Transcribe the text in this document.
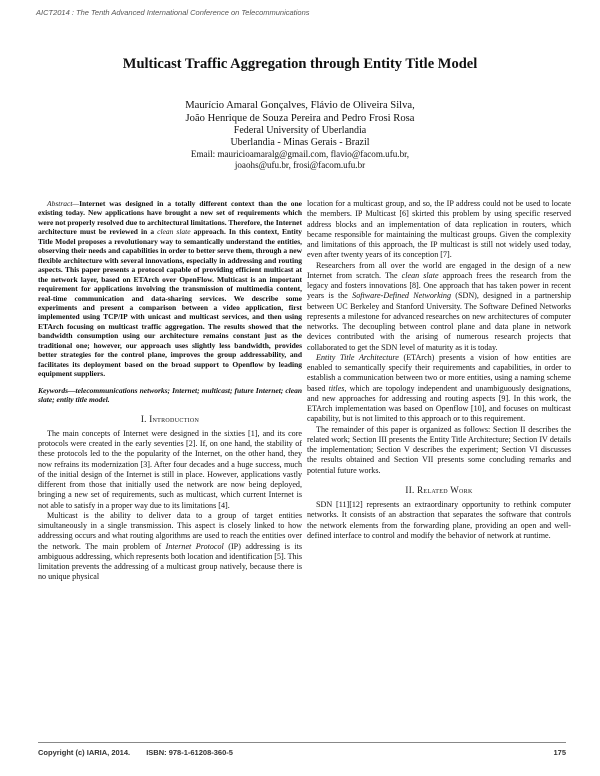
AICT2014 : The Tenth Advanced International Conference on Telecommunications
Multicast Traffic Aggregation through Entity Title Model
Maurício Amaral Gonçalves, Flávio de Oliveira Silva,
João Henrique de Souza Pereira and Pedro Frosi Rosa
Federal University of Uberlandia
Uberlandia - Minas Gerais - Brazil
Email: mauricioamaralg@gmail.com, flavio@facom.ufu.br,
joaohs@ufu.br, frosi@facom.ufu.br

Abstract—Internet was designed in a totally different context than the one existing today. New applications have brought a new set of requirements which were not properly resolved due to architectural limitations. Therefore, the Internet architecture must be reviewed in a clean slate approach. In this context, Entity Title Model proposes a revolutionary way to semantically understand the entities, observing their needs and capabilities in order to better serve them, through a new flexible architecture with several innovations, especially in addressing and routing aspects. This paper presents a protocol capable of providing efficient multicast at the network layer, based on ETArch over OpenFlow. Multicast is an important requirement for applications involving the transmission of multimedia content, real-time communication and data-sharing services. We describe some experiments and present a comparison between a video application, first implemented using TCP/IP with unicast and multicast services, and then using ETArch focusing on multicast traffic aggregation. The results showed that the bandwidth consumption using our architecture remains constant just as the traditional one; however, our approach uses slightly less bandwidth, provides better strategies for the control plane, improves the group addressability, and facilitates its deployment based on the broad support to Openflow by leading equipment suppliers.

Keywords—telecommunications networks; Internet; multicast; future Internet; clean slate; entity title model.
I. Introduction

The main concepts of Internet were designed in the sixties [1], and its core protocols were created in the early seventies [2]. If, on one hand, the stability of these protocols led to the the popularity of the Internet, on the other hand, they now refrains its modernization [3]. After four decades and a huge success, much of the initial design of the Internet is still in place. However, applications vastly different from those that initially used the network are now being deployed, bringing a new set of requirements, such as multicast, which current Internet is not able to satisfy in a proper way due to its limitations [4].

Multicast is the ability to deliver data to a group of target entities simultaneously in a single transmission. This aspect is closely linked to how addressing occurs and what routing algorithms are used to reach the entities over the network. The main problem of Internet Protocol (IP) addressing is its ambiguous addressing, which represents both location and identification [5]. This limitation prevents the addressing of a multicast group natively, because there is no unique physical

location for a multicast group, and so, the IP address could not be used to locate the members. IP Multicast [6] skirted this problem by using specific reserved address blocks and an implementation of data replication in routers, which became responsible for maintaining the multicast groups. Given the complexity and limitations of this approach, the IP multicast is still not widely used today, even after twenty years of its conception [7].

Researchers from all over the world are engaged in the design of a new Internet from scratch. The clean slate approach frees the research from the legacy and fosters innovations [8]. One approach that has taken power in recent years is the Software-Defined Networking (SDN), designed in a partnership between UC Berkeley and Stanford University. The Software Defined Networks represents a milestone for advanced researches on new architectures of computer networks. The decoupling between control plane and data plane in network devices contributed with the arising of numerous research projects that collaborated to get the SDN level of maturity as it is today.

Entity Title Architecture (ETArch) presents a vision of how entities are enabled to semantically specify their requirements and capabilities, in order to establish a communication between two or more entities, using a naming scheme based titles, which are topology independent and unambiguously designations, and new approaches for addressing and routing aspects [9]. In this work, the ETArch implementation was based on Openflow [10], and focuses on multicast capability, but is not limited to this approach or to this requirement.

The remainder of this paper is organized as follows: Section II describes the related work; Section III presents the Entity Title Architecture; Section IV details the implementation; Section V describes the experiment; Section VI discusses the results obtained and Section VII presents some concluding remarks and potential future works.

II. Related Work

SDN [11][12] represents an extraordinary opportunity to rethink computer networks. It consists of an abstraction that separates the software that controls the network elements from the forwarding plane, providing an open and well-defined interface to control and modify the behavior of network at runtime.

Copyright (c) IARIA, 2014. ISBN: 978-1-61208-360-5	175
